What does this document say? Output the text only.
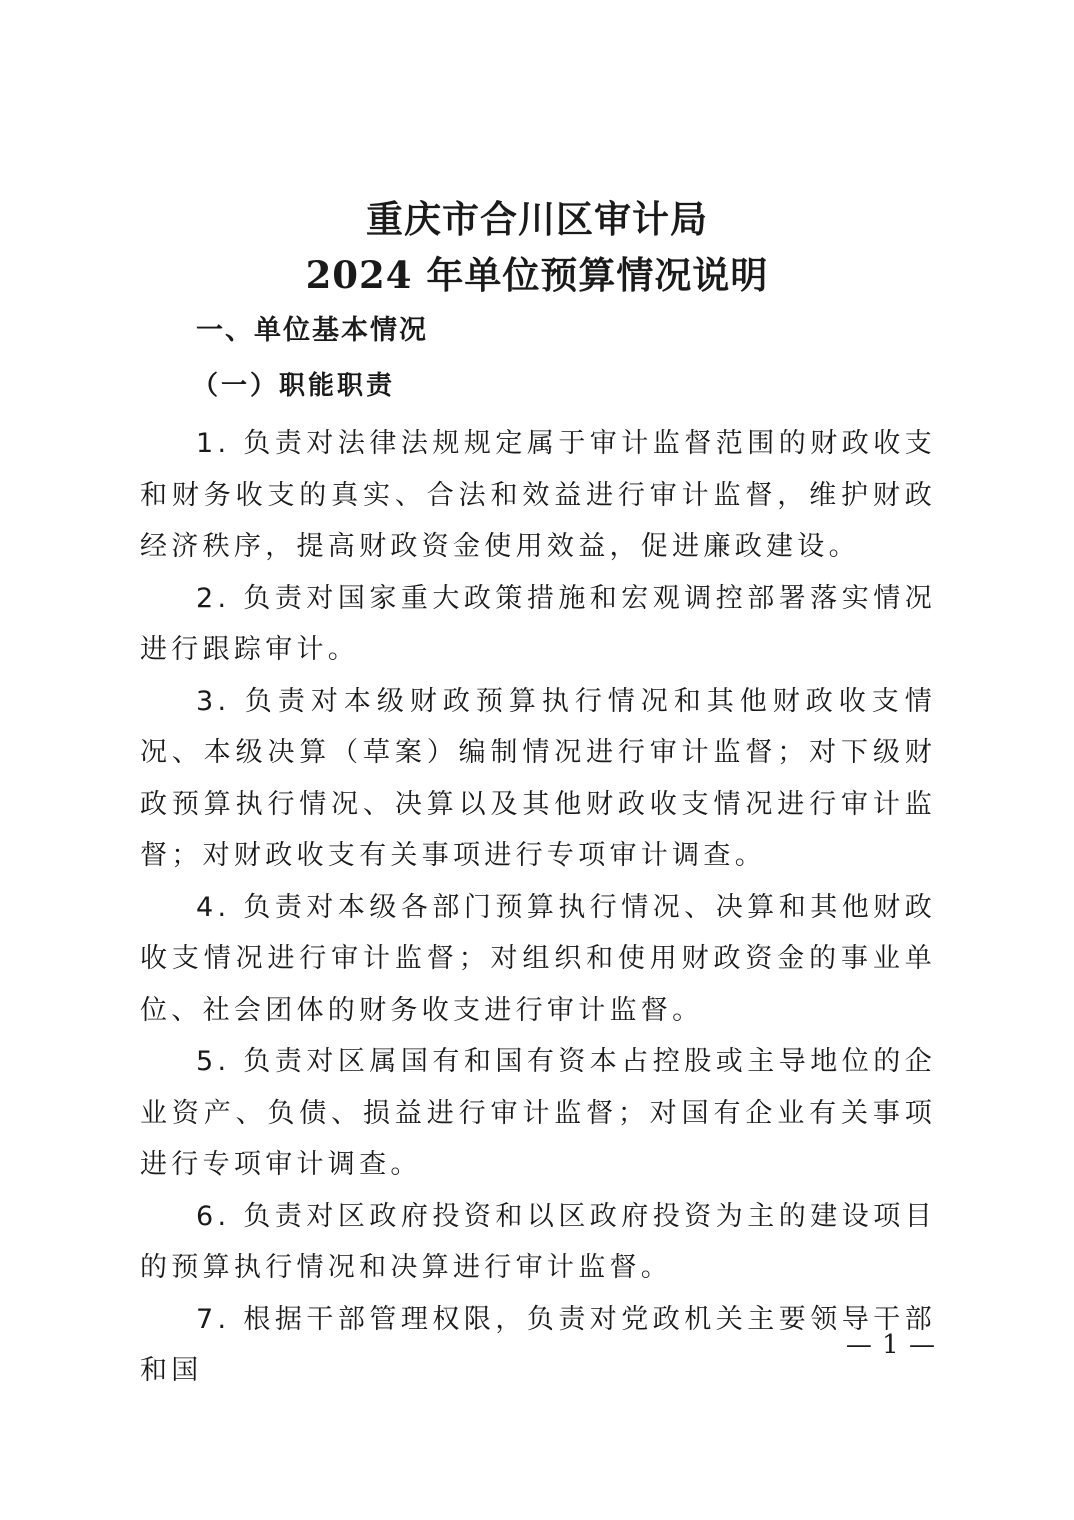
重庆市合川区审计局
2024 年单位预算情况说明
一、单位基本情况
（一）职能职责

1. 负责对法律法规规定属于审计监督范围的财政收支和财务收支的真实、合法和效益进行审计监督，维护财政经济秩序，提高财政资金使用效益，促进廉政建设。

2. 负责对国家重大政策措施和宏观调控部署落实情况进行跟踪审计。

3. 负责对本级财政预算执行情况和其他财政收支情况、本级决算（草案）编制情况进行审计监督；对下级财政预算执行情况、决算以及其他财政收支情况进行审计监督；对财政收支有关事项进行专项审计调查。

4. 负责对本级各部门预算执行情况、决算和其他财政收支情况进行审计监督；对组织和使用财政资金的事业单位、社会团体的财务收支进行审计监督。

5. 负责对区属国有和国有资本占控股或主导地位的企业资产、负债、损益进行审计监督；对国有企业有关事项进行专项审计调查。

6. 负责对区政府投资和以区政府投资为主的建设项目的预算执行情况和决算进行审计监督。

7. 根据干部管理权限，负责对党政机关主要领导干部和国

— 1 —
